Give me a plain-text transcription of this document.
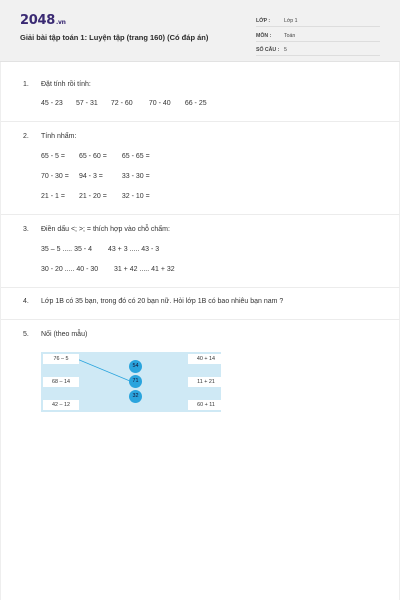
2048.vn
Giải bài tập toán 1: Luyện tập (trang 160) (Có đáp án)
LỚP :	Lớp 1
MÔN : Toán
SỐ CÂU : 5
1. Đặt tính rồi tính:
45 - 23 57 - 31 72 - 60 70 - 40 66 - 25
2. Tính nhẩm:
65 - 5 = 65 - 60 = 65 - 65 =
70 - 30 = 94 - 3 =	33 - 30 =
21 - 1 = 21 - 20 = 32 - 10 =
3. Điền dấu <; >; = thích hợp vào chỗ chấm:
35 – 5 ..... 35 - 4 43 + 3 ..... 43 - 3
30 - 20 ..... 40 - 30 31 + 42 ..... 41 + 32
4. Lớp 1B có 35 bạn, trong đó có 20 bạn nữ. Hỏi lớp 1B có bao nhiêu bạn nam ?
5. Nối (theo mẫu)
76 – 5
68 – 14
42 – 12
54
71
32
40 + 14
11 + 21
60 + 11
